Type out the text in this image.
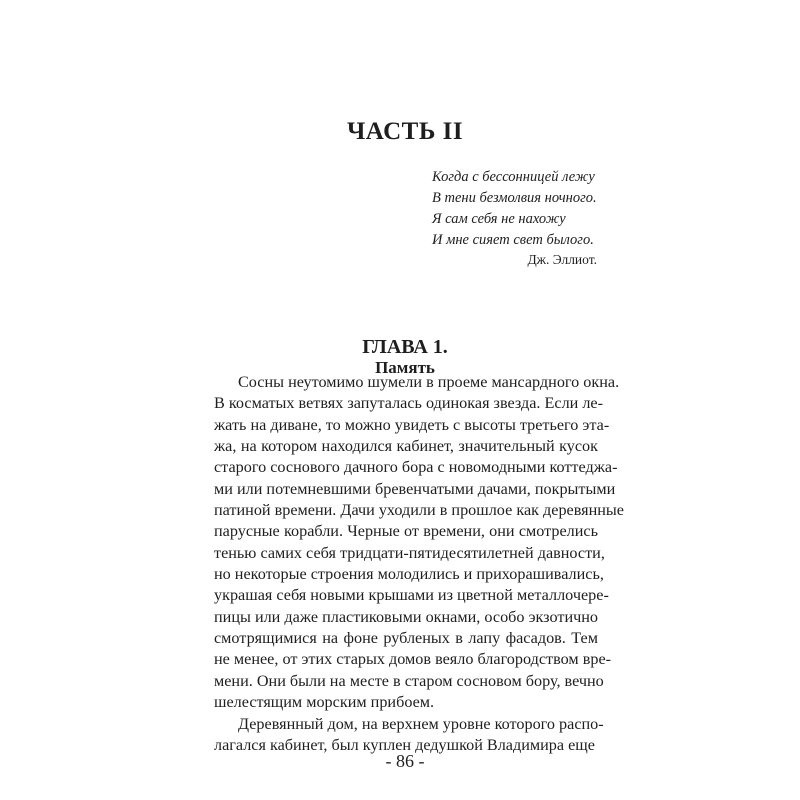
ЧАСТЬ II
Когда с бессонницей лежу
В тени безмолвия ночного.
Я сам себя не нахожу
И мне сияет свет былого.
Дж. Эллиот.
ГЛАВА 1.
Память
Сосны неутомимо шумели в проеме мансардного окна.
В косматых ветвях запуталась одинокая звезда. Если ле-
жать на диване, то можно увидеть с высоты третьего эта-
жа, на котором находился кабинет, значительный кусок
старого соснового дачного бора с новомодными коттеджа-
ми или потемневшими бревенчатыми дачами, покрытыми
патиной времени. Дачи уходили в прошлое как деревянные
парусные корабли. Черные от времени, они смотрелись
тенью самих себя тридцати-пятидесятилетней давности,
но некоторые строения молодились и прихорашивались,
украшая себя новыми крышами из цветной металлочере-
пицы или даже пластиковыми окнами, особо экзотично
смотрящимися на фоне рубленых в лапу фасадов. Тем
не менее, от этих старых домов веяло благородством вре-
мени. Они были на месте в старом сосновом бору, вечно
шелестящим морским прибоем.
Деревянный дом, на верхнем уровне которого распо-
лагался кабинет, был куплен дедушкой Владимира еще
- 86 -
